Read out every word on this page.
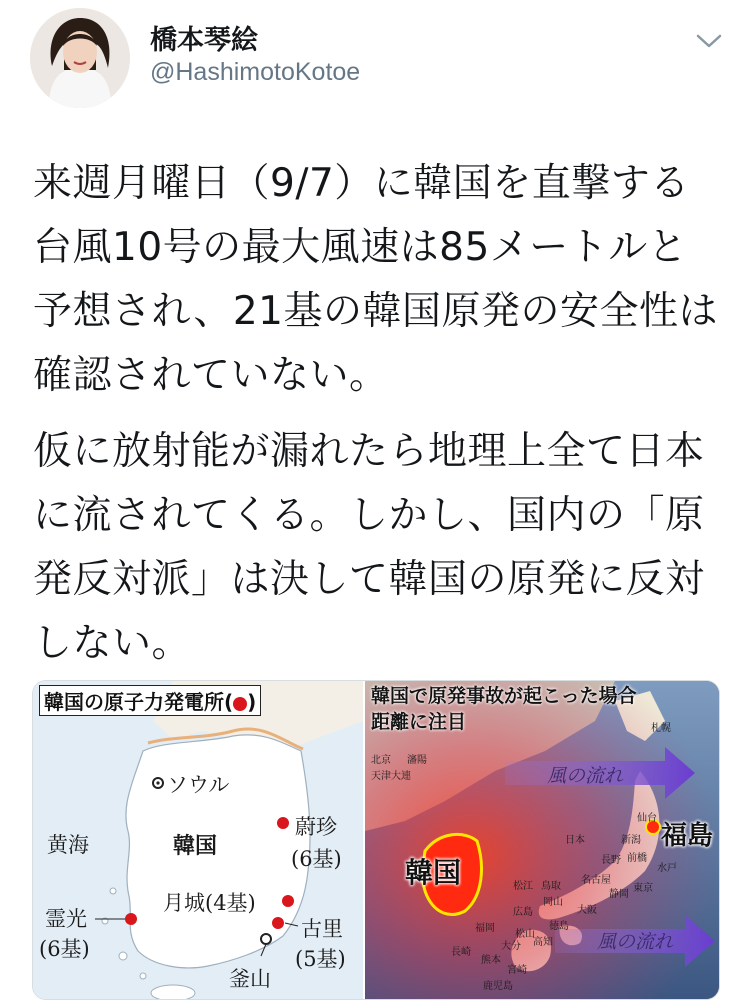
橋本琴絵
@HashimotoKotoe
来週月曜日（9/7）に韓国を直撃する台風10号の最大風速は85メートルと予想され、21基の韓国原発の安全性は確認されていない。
仮に放射能が漏れたら地理上全て日本に流されてくる。しかし、国内の「原発反対派」は決して韓国の原発に反対しない。
韓国の原子力発電所( )
ソウル
韓国
黄海
蔚珍
(6基)
月城(4基)
霊光
(6基)
古里
(5基)
釜山
韓国で原発事故が起こった場合
距離に注目
風の流れ
風の流れ
韓国
福島
札幌
瀋陽
大連
北京
天津
日本	新潟
仙台
水戸
東京
名古屋
大阪
広島
福岡
鹿児島
松江 鳥取
岡山
徳島
高知
松山
大分
熊本
長崎
宮崎
静岡
長野 前橋
